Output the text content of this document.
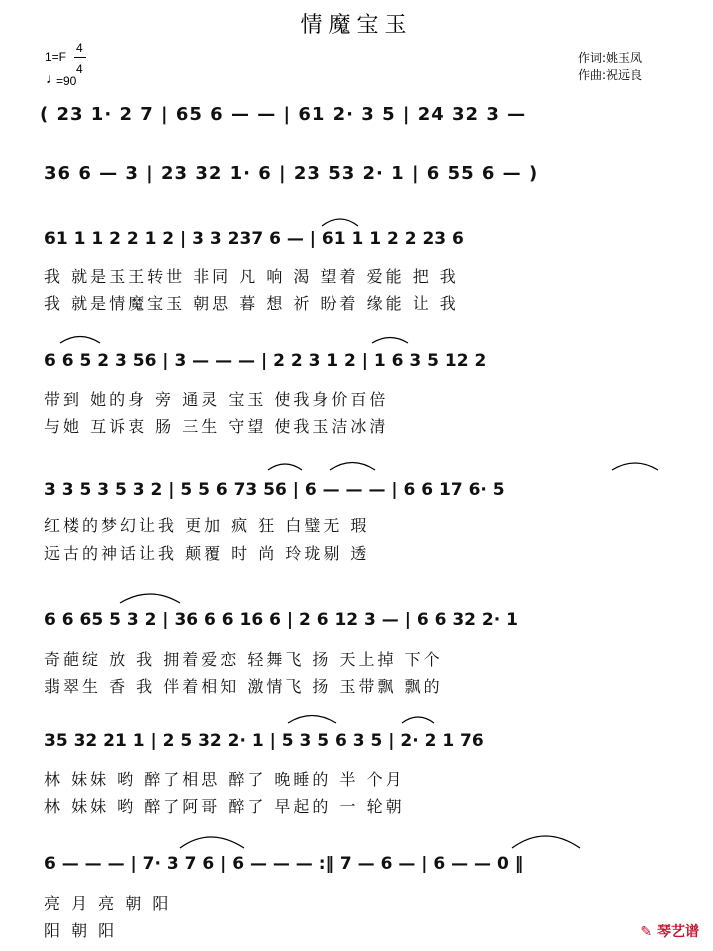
情魔宝玉
1=F
4
4
♩
=90
作词:姚玉凤
作曲:祝远良
( 23 1· 2 7 | 65 6 — — | 61 2· 3 5 | 24 32 3 —
36 6 — 3 | 23 32 1· 6 | 23 53 2· 1 | 6 55 6 — )
61 1 1 2 2 1 2 | 3 3 237 6 — | 61 1 1 2 2 23 6
我 就是玉王转世 非同 凡 响 渴 望着 爱能 把 我
我 就是情魔宝玉 朝思 暮 想 祈 盼着 缘能 让 我
6 6 5 2 3 56 | 3 — — — | 2 2 3 1 2 | 1 6 3 5 12 2
带到 她的身 旁 通灵 宝玉 使我身价百倍
与她 互诉衷 肠 三生 守望 使我玉洁冰清
3 3 5 3 5 3 2 | 5 5 6 73 56 | 6 — — — | 6 6 17 6· 5
红楼的梦幻让我 更加 疯 狂 白璧无 瑕
远古的神话让我 颠覆 时 尚 玲珑剔 透
6 6 65 5 3 2 | 36 6 6 16 6 | 2 6 12 3 — | 6 6 32 2· 1
奇葩绽 放 我 拥着爱恋 轻舞飞 扬 天上掉 下个
翡翠生 香 我 伴着相知 激情飞 扬 玉带飘 飘的
35 32 21 1 | 2 5 32 2· 1 | 5 3 5 6 3 5 | 2· 2 1 76
林 妹妹 哟 醉了相思 醉了 晚睡的 半 个月
林 妹妹 哟 醉了阿哥 醉了 早起的 一 轮朝
6 — — — | 7· 3 7 6 | 6 — — — :‖ 7 — 6 — | 6 — — 0 ‖
亮 月 亮 朝 阳
阳 朝 阳	✎ 琴艺谱
